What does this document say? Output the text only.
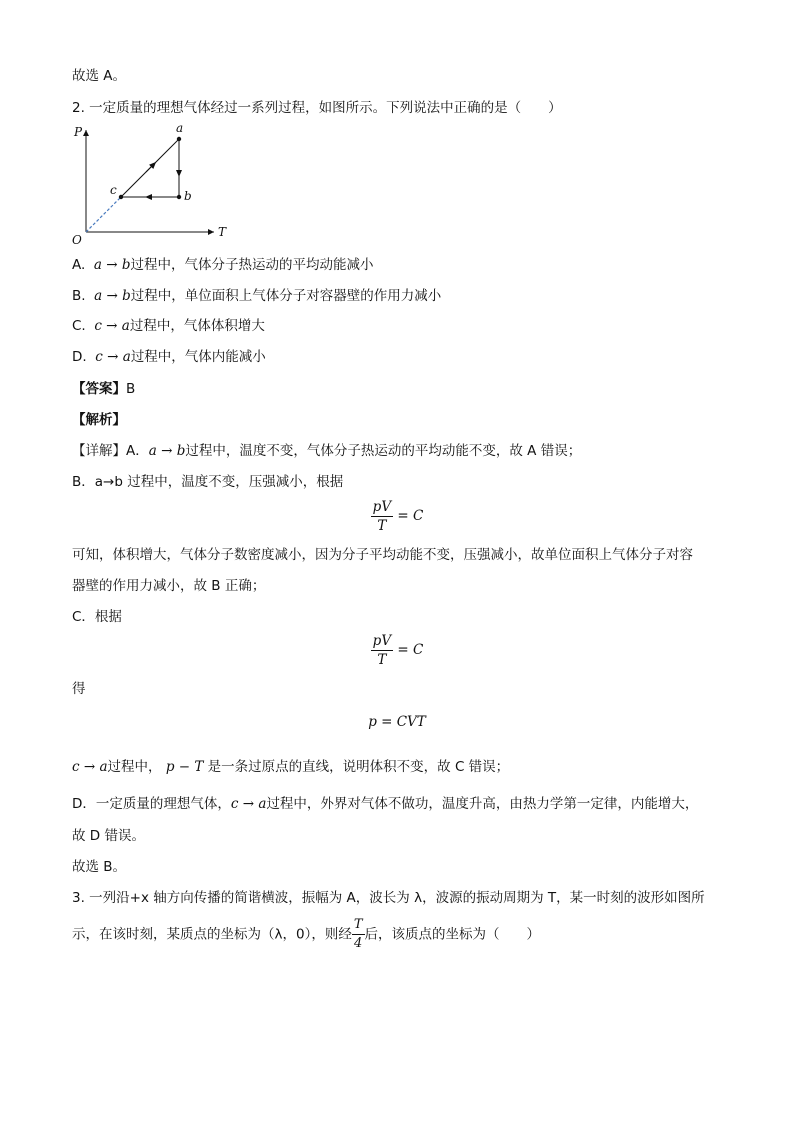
故选 A。
2. 一定质量的理想气体经过一系列过程，如图所示。下列说法中正确的是（　　）
P
T
O
a
b
c
A. a → b过程中，气体分子热运动的平均动能减小
B. a → b过程中，单位面积上气体分子对容器壁的作用力减小
C. c → a过程中，气体体积增大
D. c → a过程中，气体内能减小
【答案】B
【解析】
【详解】A．a → b过程中，温度不变，气体分子热运动的平均动能不变，故 A 错误；
B．a→b 过程中，温度不变，压强减小，根据
$\frac{pV}{T} = C$
可知，体积增大，气体分子数密度减小，因为分子平均动能不变，压强减小，故单位面积上气体分子对容
器壁的作用力减小，故 B 正确；
C．根据
$\frac{pV}{T} = C$
得
p = CVT
c → a过程中， p − T 是一条过原点的直线，说明体积不变，故 C 错误；
D．一定质量的理想气体，c → a过程中，外界对气体不做功，温度升高，由热力学第一定律，内能增大，
故 D 错误。
故选 B。
3. 一列沿+x 轴方向传播的简谐横波，振幅为 A，波长为 λ，波源的振动周期为 T，某一时刻的波形如图所
示，在该时刻，某质点的坐标为（λ，0），则经 $\frac{T}{4}$ 后，该质点的坐标为（　　）
